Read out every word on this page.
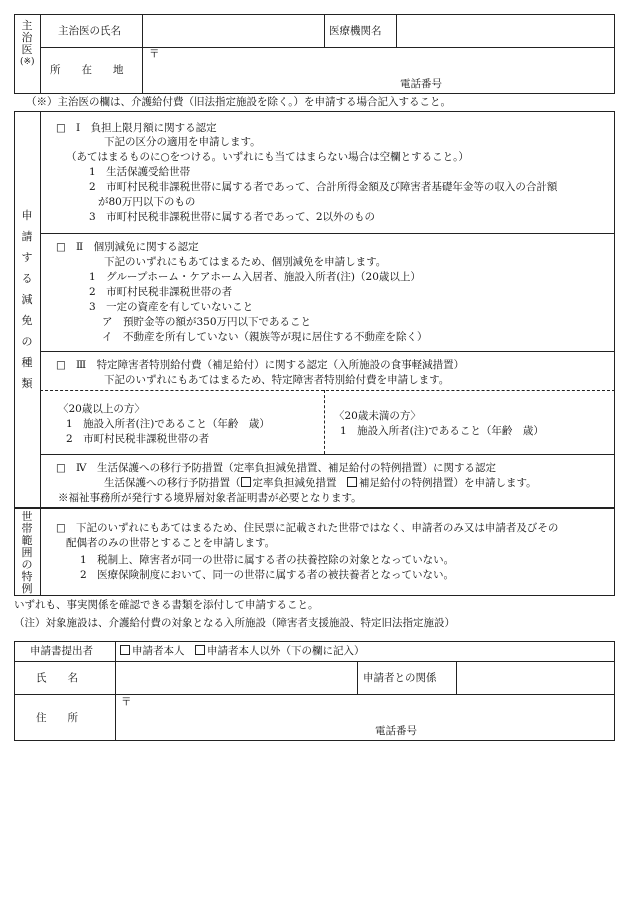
主
治
医
(※)
主治医の氏名	医療機関名
所　　在　　地
〒
電話番号
（※）主治医の欄は、介護給付費（旧法指定施設を除く。）を申請する場合記入すること。
申
請
す
る
減
免
の
種
類
□ Ⅰ　負担上限月額に関する認定
下記の区分の適用を申請します。
（あてはまるものに○をつける。いずれにも当てはまらない場合は空欄とすること。）
1　生活保護受給世帯
2　市町村民税非課税世帯に属する者であって、合計所得金額及び障害者基礎年金等の収入の合計額
が80万円以下のもの
3　市町村民税非課税世帯に属する者であって、2以外のもの
□ Ⅱ　個別減免に関する認定
下記のいずれにもあてはまるため、個別減免を申請します。
1　グループホーム・ケアホーム入居者、施設入所者(注)（20歳以上）
2　市町村民税非課税世帯の者
3　一定の資産を有していないこと
ア　預貯金等の額が350万円以下であること
イ　不動産を所有していない（親族等が現に居住する不動産を除く）
□ Ⅲ　特定障害者特別給付費（補足給付）に関する認定（入所施設の食事軽減措置）
下記のいずれにもあてはまるため、特定障害者特別給付費を申請します。
〈20歳以上の方〉
1　施設入所者(注)であること（年齢　歳）
2　市町村民税非課税世帯の者
〈20歳未満の方〉
1　施設入所者(注)であること（年齢　歳）
□ Ⅳ　生活保護への移行予防措置（定率負担減免措置、補足給付の特例措置）に関する認定
生活保護への移行予防措置（ 定率負担減免措置　補足給付の特例措置）を申請します。
※福祉事務所が発行する境界層対象者証明書が必要となります。
世
帯
範
囲
の
特
例
□ 下記のいずれにもあてはまるため、住民票に記載された世帯ではなく、申請者のみ又は申請者及びその
配偶者のみの世帯とすることを申請します。
1　税制上、障害者が同一の世帯に属する者の扶養控除の対象となっていない。
2　医療保険制度において、同一の世帯に属する者の被扶養者となっていない。
いずれも、事実関係を確認できる書類を添付して申請すること。
（注）対象施設は、介護給付費の対象となる入所施設（障害者支援施設、特定旧法指定施設）
申請書提出者	申請者本人　 申請者本人以外（下の欄に記入）
氏　　名	申請者との関係
住　　所
〒
電話番号
